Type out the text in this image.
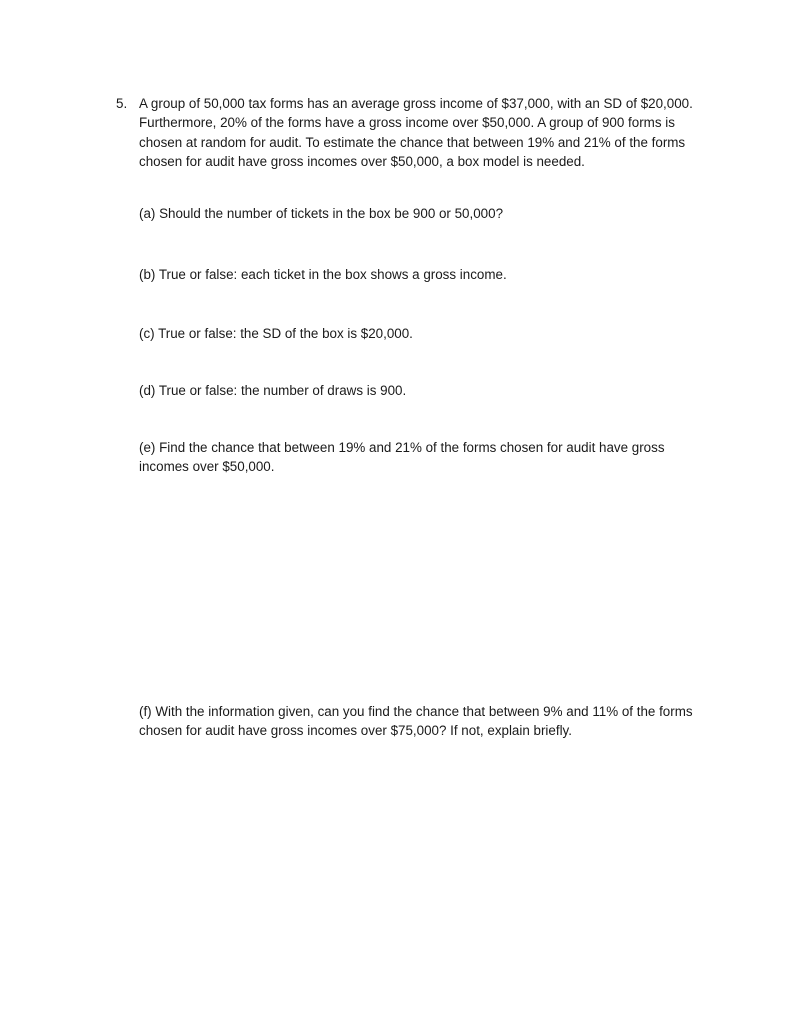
5. A group of 50,000 tax forms has an average gross income of $37,000, with an SD of $20,000. Furthermore, 20% of the forms have a gross income over $50,000. A group of 900 forms is chosen at random for audit. To estimate the chance that between 19% and 21% of the forms chosen for audit have gross incomes over $50,000, a box model is needed.
(a) Should the number of tickets in the box be 900 or 50,000?
(b) True or false: each ticket in the box shows a gross income.
(c) True or false: the SD of the box is $20,000.
(d) True or false: the number of draws is 900.
(e) Find the chance that between 19% and 21% of the forms chosen for audit have gross incomes over $50,000.
(f) With the information given, can you find the chance that between 9% and 11% of the forms chosen for audit have gross incomes over $75,000? If not, explain briefly.
